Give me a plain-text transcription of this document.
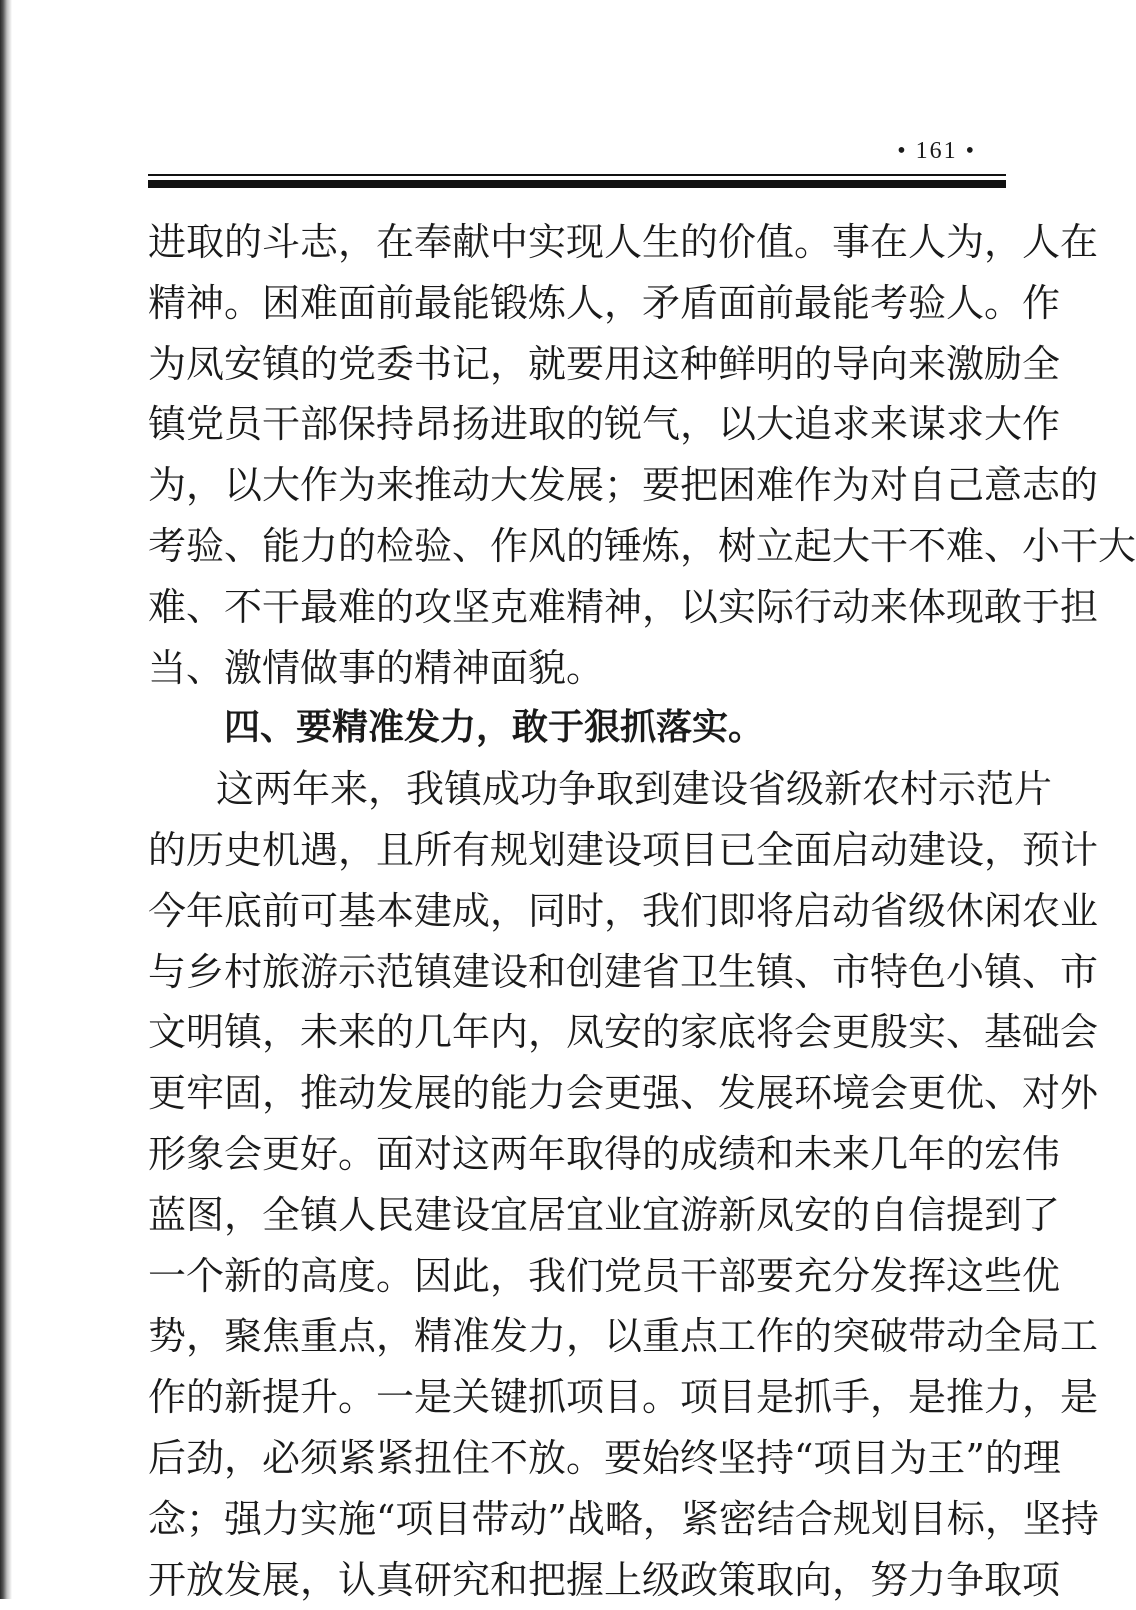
• 161 •
进取的斗志，在奉献中实现人生的价值。事在人为，人在
精神。困难面前最能锻炼人，矛盾面前最能考验人。作
为凤安镇的党委书记，就要用这种鲜明的导向来激励全
镇党员干部保持昂扬进取的锐气，以大追求来谋求大作
为，以大作为来推动大发展；要把困难作为对自己意志的
考验、能力的检验、作风的锤炼，树立起大干不难、小干大
难、不干最难的攻坚克难精神，以实际行动来体现敢于担
当、激情做事的精神面貌。
四、要精准发力，敢于狠抓落实。
这两年来，我镇成功争取到建设省级新农村示范片
的历史机遇，且所有规划建设项目已全面启动建设，预计
今年底前可基本建成，同时，我们即将启动省级休闲农业
与乡村旅游示范镇建设和创建省卫生镇、市特色小镇、市
文明镇，未来的几年内，凤安的家底将会更殷实、基础会
更牢固，推动发展的能力会更强、发展环境会更优、对外
形象会更好。面对这两年取得的成绩和未来几年的宏伟
蓝图，全镇人民建设宜居宜业宜游新凤安的自信提到了
一个新的高度。因此，我们党员干部要充分发挥这些优
势，聚焦重点，精准发力，以重点工作的突破带动全局工
作的新提升。一是关键抓项目。项目是抓手，是推力，是
后劲，必须紧紧扭住不放。要始终坚持“项目为王”的理
念；强力实施“项目带动”战略，紧密结合规划目标，坚持
开放发展，认真研究和把握上级政策取向，努力争取项
